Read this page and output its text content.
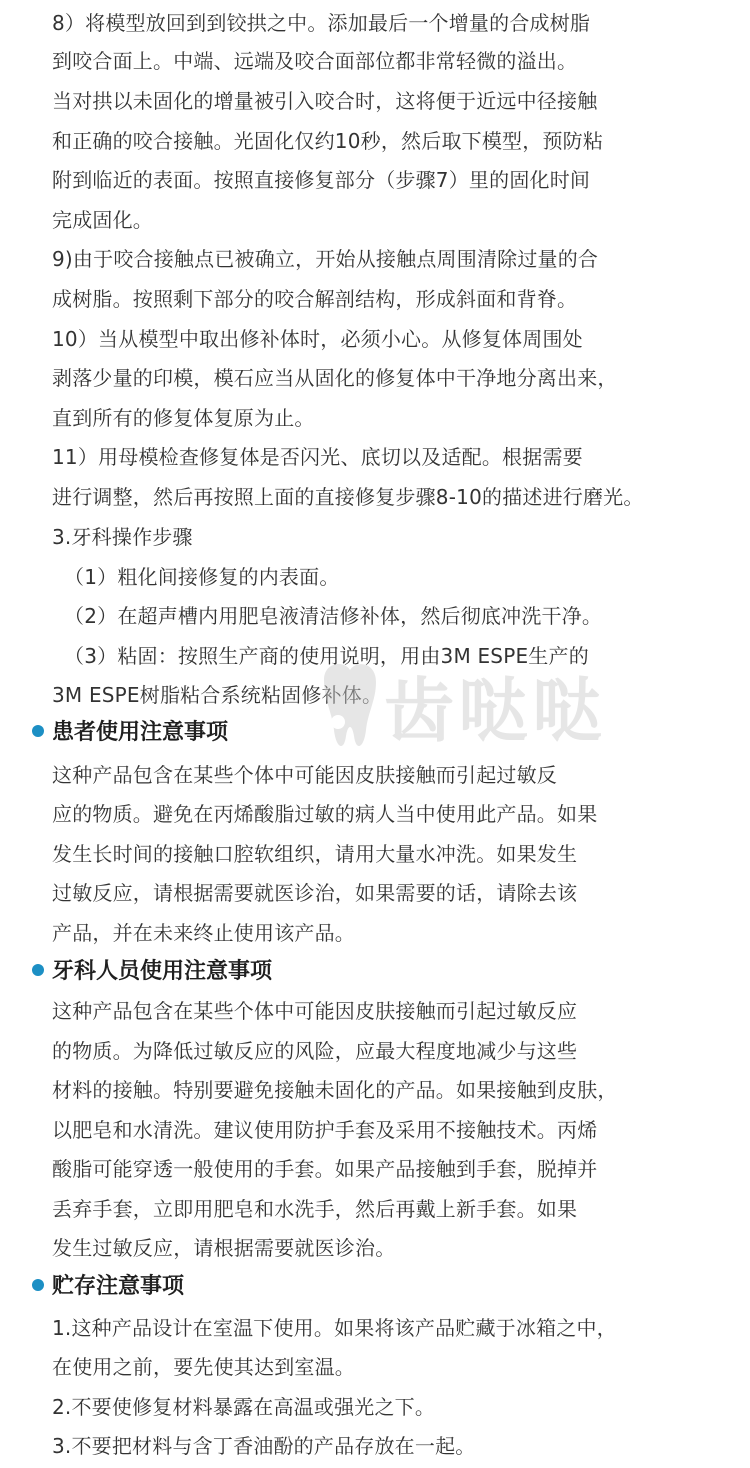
8）将模型放回到到铰拱之中。添加最后一个增量的合成树脂
到咬合面上。中端、远端及咬合面部位都非常轻微的溢出。
当对拱以未固化的增量被引入咬合时，这将便于近远中径接触
和正确的咬合接触。光固化仅约10秒，然后取下模型，预防粘
附到临近的表面。按照直接修复部分（步骤7）里的固化时间
完成固化。
9)由于咬合接触点已被确立，开始从接触点周围清除过量的合
成树脂。按照剩下部分的咬合解剖结构，形成斜面和背脊。
10）当从模型中取出修补体时，必须小心。从修复体周围处
剥落少量的印模，模石应当从固化的修复体中干净地分离出来，
直到所有的修复体复原为止。
11）用母模检查修复体是否闪光、底切以及适配。根据需要
进行调整，然后再按照上面的直接修复步骤8-10的描述进行磨光。
3.牙科操作步骤
（1）粗化间接修复的内表面。
（2）在超声槽内用肥皂液清洁修补体，然后彻底冲洗干净。
（3）粘固：按照生产商的使用说明，用由3M ESPE生产的
3M ESPE树脂粘合系统粘固修补体。 齿哒哒
患者使用注意事项
这种产品包含在某些个体中可能因皮肤接触而引起过敏反
应的物质。避免在丙烯酸脂过敏的病人当中使用此产品。如果
发生长时间的接触口腔软组织，请用大量水冲洗。如果发生
过敏反应，请根据需要就医诊治，如果需要的话，请除去该
产品，并在未来终止使用该产品。
牙科人员使用注意事项
这种产品包含在某些个体中可能因皮肤接触而引起过敏反应
的物质。为降低过敏反应的风险，应最大程度地减少与这些
材料的接触。特别要避免接触未固化的产品。如果接触到皮肤，
以肥皂和水清洗。建议使用防护手套及采用不接触技术。丙烯
酸脂可能穿透一般使用的手套。如果产品接触到手套，脱掉并
丢弃手套，立即用肥皂和水洗手，然后再戴上新手套。如果
发生过敏反应，请根据需要就医诊治。
贮存注意事项
1.这种产品设计在室温下使用。如果将该产品贮藏于冰箱之中，
在使用之前，要先使其达到室温。
2.不要使修复材料暴露在高温或强光之下。
3.不要把材料与含丁香油酚的产品存放在一起。
